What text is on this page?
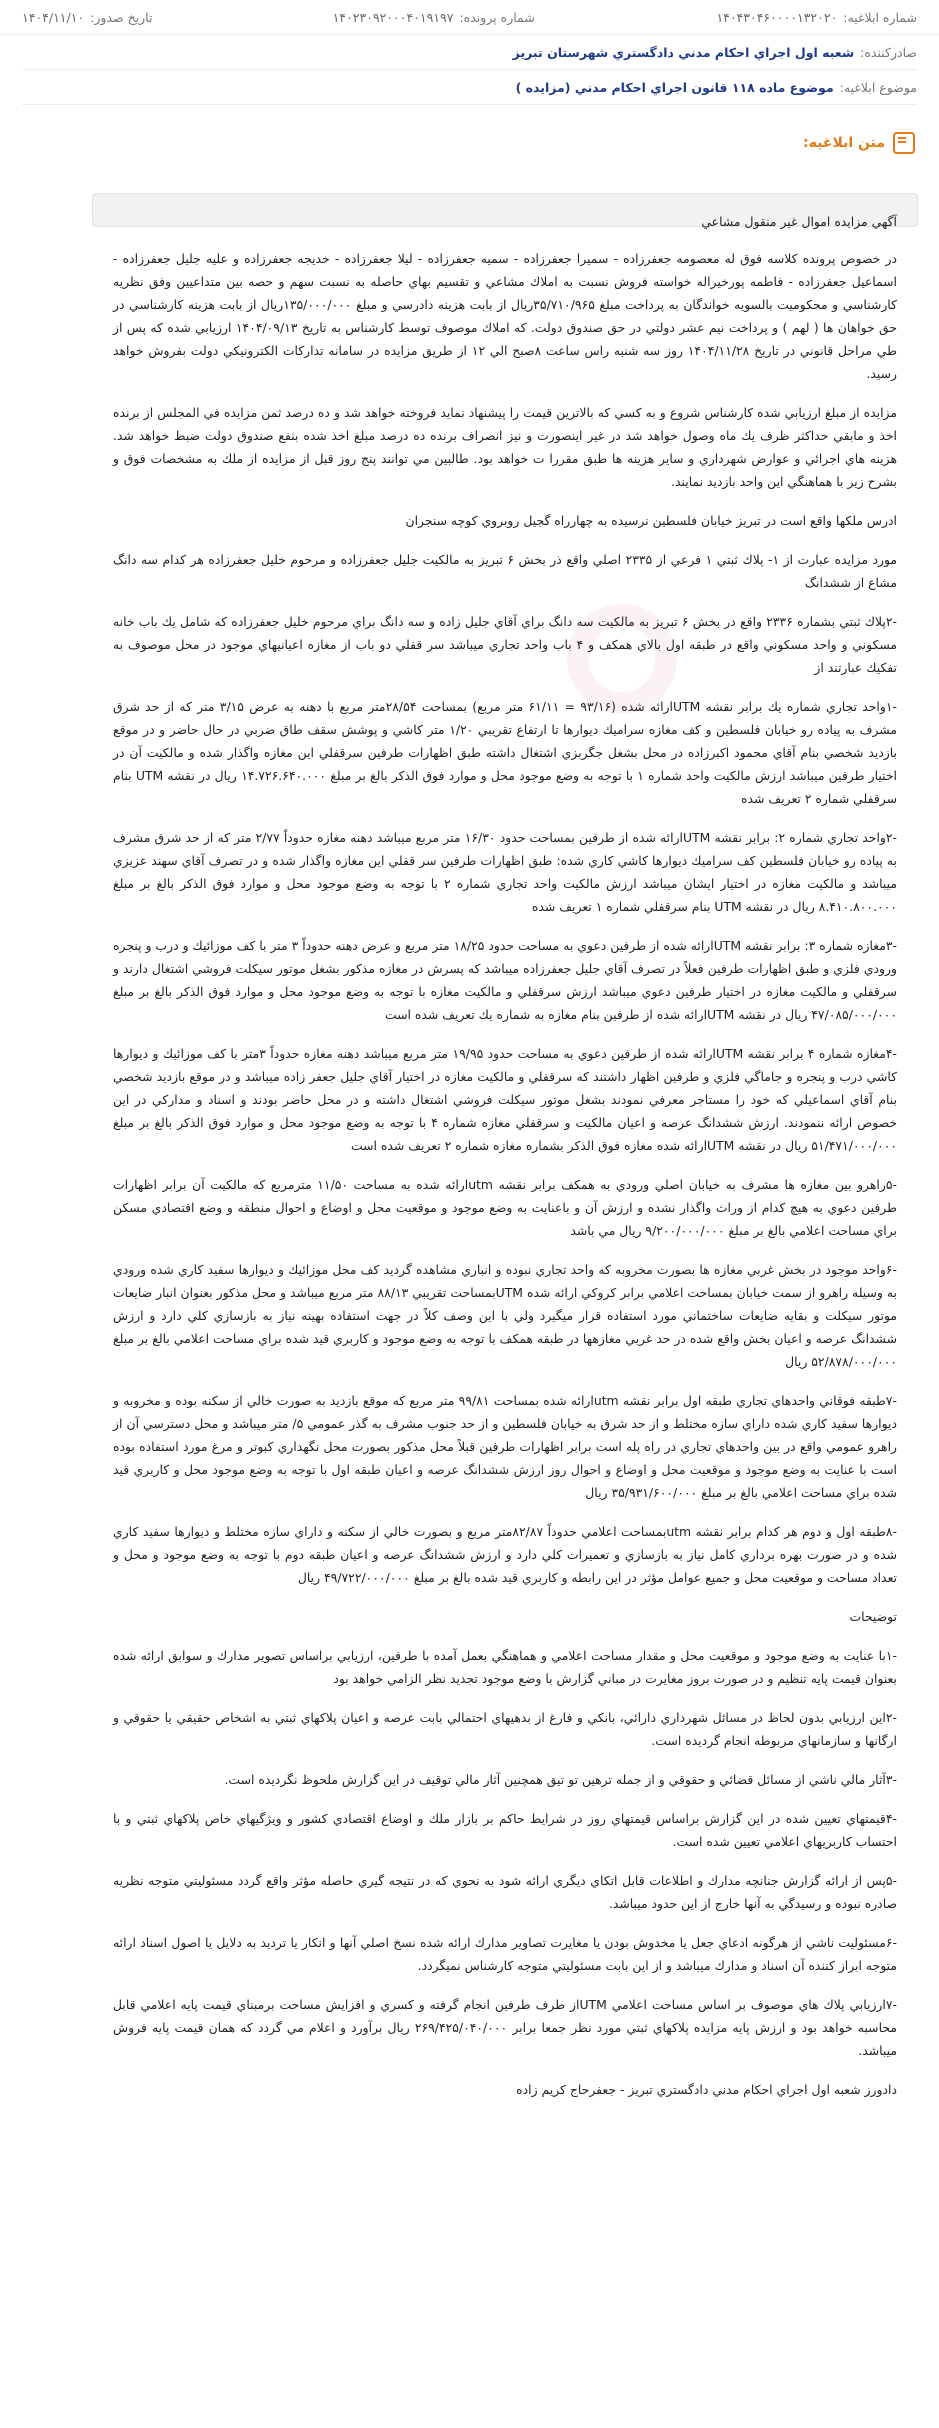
شماره ابلاغیه:
۱۴۰۴۳۰۴۶۰۰۰۰۱۳۲۰۲۰
شماره پرونده:
۱۴۰۲۳۰۹۲۰۰۰۴۰۱۹۱۹۷
تاریخ صدور:
۱۴۰۴/۱۱/۱۰
صادرکننده:
شعبه اول اجراي احكام مدني دادگستري شهرستان تبريز
موضوع ابلاغیه:
موضوع ماده ۱۱۸ قانون اجراي احكام مدني (مزايده )
متن ابلاغیه:

آگهي مزايده اموال غير منقول مشاعي

در خصوص پرونده كلاسه فوق له معصومه جعفرزاده - سميرا جعفرزاده - سميه جعفرزاده - ليلا جعفرزاده - خديجه جعفرزاده و عليه جليل جعفرزاده - اسماعيل جعفرزاده - فاطمه پورخيراله خواسته فروش نسبت به املاك مشاعي و تقسيم بهاي حاصله به نسبت سهم و حصه بين متداعيين وفق نظريه كارشناسي و محكوميت بالسويه خواندگان به پرداخت مبلغ ۳۵/۷۱۰/۹۶۵ريال از بابت هزينه دادرسي و مبلغ ۱۳۵/۰۰۰/۰۰۰ريال از بابت هزينه كارشناسي در حق خواهان ها ( لهم ) و پرداخت نيم عشر دولتي در حق صندوق دولت. كه املاك موصوف توسط كارشناس به تاريخ ۱۴۰۴/۰۹/۱۳ ارزيابي شده كه پس از طي مراحل قانوني در تاريخ ۱۴۰۴/۱۱/۲۸ روز سه شنبه راس ساعت ۸صبح الي ۱۲ از طريق مزايده در سامانه تداركات الكترونيكي دولت بفروش خواهد رسيد.

مزايده از مبلغ ارزيابي شده كارشناس شروع و به كسي كه بالاترين قيمت را پيشنهاد نمايد فروخته خواهد شد و ده درصد ثمن مزايده في المجلس از برنده اخذ و مابقي حداكثر ظرف يك ماه وصول خواهد شد در غير اينصورت و نيز انصراف برنده ده درصد مبلغ اخذ شده بنفع صندوق دولت ضبط خواهد شد. هزينه هاي اجرائي و عوارض شهرداري و ساير هزينه ها طبق مقررا ت خواهد بود. طالبين مي توانند پنج روز قبل از مزايده از ملك به مشخصات فوق و بشرح زير با هماهنگي اين واحد بازديد نمايند.

ادرس ملكها واقع است در تبريز خيابان فلسطين نرسيده به چهارراه گجيل روبروي كوچه سنجران

مورد مزايده عبارت از ۱- پلاك ثبتي ۱ فرعي از ۲۳۳۵ اصلي واقع ذر بخش ۶ تبريز به مالكيت جليل جعفرزاده و مرحوم خليل جعفرزاده هر كدام سه دانگ مشاع از ششدانگ

-۲پلاك ثبتي بشماره ۲۳۳۶ واقع در بخش ۶ تبريز به مالكيت سه دانگ براي آقاي جليل زاده و سه دانگ براي مرحوم خليل جعفرزاده كه شامل يك باب خانه مسكوني و واحد مسكوني واقع در طبقه اول بالاي همكف و ۴ باب واحد تجاري ميباشد سر قفلي دو باب از مغازه اعيانيهاي موجود در محل موصوف به تفكيك عبارتند از

-۱واحد تجاري شماره يك برابر نقشه UTMارائه شده (۹۳/۱۶ = ۶۱/۱۱ متر مربع) بمساحت ۲۸/۵۴متر مربع با دهنه به عرض ۳/۱۵ متر كه از حد شرق مشرف به پياده رو خيابان فلسطين و كف مغازه سراميك ديوارها تا ارتفاع تقريبي ۱/۲۰ متر كاشي و پوشش سقف طاق ضربي در حال حاضر و در موقع بازديد شخصي بنام آقاي محمود اكبرزاده در محل بشغل جگربزي اشتغال داشته طبق اظهارات طرفين سرقفلي اين مغازه واگذار شده و مالكيت آن در اختيار طرفين ميباشد ارزش مالكيت واحد شماره ۱ با توجه به وضع موجود محل و موارد فوق الذكر بالغ بر مبلغ ۱۴.۷۲۶.۶۴۰.۰۰۰ ريال در نقشه UTM بنام سرقفلي شماره ۲ تعريف شده

-۲واحد تجاري شماره ۲: برابر نقشه UTMارائه شده از طرفين بمساحت حدود ۱۶/۳۰ متر مربع ميباشد دهنه مغازه حدوداً ۲/۷۷ متر كه از حد شرق مشرف به پياده رو خيابان فلسطين كف سراميك ديوارها كاشي كاري شده: طبق اظهارات طرفين سر قفلي اين مغازه واگذار شده و در تصرف آقاي سهند عزيزي ميباشد و مالكيت مغازه در اختيار ايشان ميباشد ارزش مالكيت واحد تجاري شماره ۲ با توجه به وضع موجود محل و موارد فوق الذكر بالغ بر مبلغ ۸.۴۱۰.۸۰۰.۰۰۰ ريال در نقشه UTM بنام سرقفلي شماره ۱ تعريف شده

-۳مغازه شماره ۳: برابر نقشه UTMارائه شده از طرفين دعوي به مساحت حدود ۱۸/۲۵ متر مربع و عرض دهنه حدوداً ۳ متر با كف موزائيك و درب و پنجره ورودي فلزي و طبق اظهارات طرفين فعلاً در تصرف آقاي جليل جعفرزاده ميباشد كه پسرش در مغازه مذكور بشغل موتور سيكلت فروشي اشتغال دارند و سرقفلي و مالكيت مغازه در اختيار طرفين دعوي ميباشد ارزش سرقفلي و مالكيت مغازه با توجه به وضع موجود محل و موارد فوق الذكر بالغ بر مبلغ ۴۷/۰۸۵/۰۰۰/۰۰۰ ريال در نقشه UTMارائه شده از طرفين بنام مغازه به شماره يك تعريف شده است

-۴مغازه شماره ۴ برابر نقشه UTMارائه شده از طرفين دعوي به مساحت حدود ۱۹/۹۵ متر مربع ميباشد دهنه مغازه حدوداً ۳متر با كف موزائيك و ديوارها كاشي درب و پنجره و جاماگي فلزي و طرفين اظهار داشتند كه سرقفلي و مالكيت مغازه در اختيار آقاي جليل جعفر زاده ميباشد و در موقع بازديد شخصي بنام آقاي اسماعيلي كه خود را مستاجر معرفي نمودند بشغل موتور سيكلت فروشي اشتغال داشته و در محل حاضر بودند و اسناد و مداركي در اين خصوص ارائه ننمودند. ارزش ششدانگ عرصه و اعيان مالكيت و سرقفلي مغازه شماره ۴ با توجه به وضع موجود محل و موارد فوق الذكر بالغ بر مبلغ ۵۱/۴۷۱/۰۰۰/۰۰۰ ريال در نقشه UTMارائه شده مغازه فوق الذكر بشماره مغازه شماره ۲ تعريف شده است

-۵راهرو بين مغازه ها مشرف به خيابان اصلي ورودي به همكف برابر نقشه utmارائه شده به مساحت ۱۱/۵۰ مترمربع كه مالكيت آن برابر اظهارات طرفين دعوي به هيچ كدام از وراث واگذار نشده و ارزش آن و باعنايت به وضع موجود و موقعيت محل و اوضاع و احوال منطقه و وضع اقتصادي مسكن براي مساحت اعلامي بالغ بر مبلغ ۹/۲۰۰/۰۰۰/۰۰۰ ريال مي باشد

-۶واحد موجود در بخش غربي مغازه ها بصورت مخروبه كه واحد تجاري نبوده و انباري مشاهده گرديد كف محل موزائيك و ديوارها سفيد كاري شده ورودي به وسيله راهرو از سمت خيابان بمساحت اعلامي برابر كروكي ارائه شده UTMبمساحت تقريبي ۸۸/۱۳ متر مربع ميباشد و محل مذكور بعنوان انبار ضايعات موتور سيكلت و بقايه ضايعات ساختماني مورد استفاده قرار ميگيرد ولي با اين وصف كلاً در جهت استفاده بهينه نياز به بازسازي كلي دارد و ارزش ششدانگ عرصه و اعيان بخش واقع شده در حد غربي مغازهها در طبقه همكف با توجه به وضع موجود و كاربري قيد شده براي مساحت اعلامي بالغ بر مبلغ ۵۲/۸۷۸/۰۰۰/۰۰۰ ريال

-۷طبقه فوقاني واحدهاي تجاري طبقه اول برابر نقشه utmارائه شده بمساحت ۹۹/۸۱ متر مربع كه موقع بازديد به صورت خالي از سكنه بوده و مخروبه و ديوارها سفيد كاري شده داراي سازه مختلط و از حد شرق به خيابان فلسطين و از حد جنوب مشرف به گذر عمومي ۵/ متر ميباشد و محل دسترسي آن از راهرو عمومي واقع در بين واحدهاي تجاري در راه پله است برابر اظهارات طرفين قبلاً محل مذكور بصورت محل نگهداري كبوتر و مرغ مورد استفاده بوده است با عنايت به وضع موجود و موقعيت محل و اوضاع و احوال روز ارزش ششدانگ عرصه و اعيان طبقه اول با توجه به وضع موجود محل و كاربري قيد شده براي مساحت اعلامي بالغ بر مبلغ ۳۵/۹۳۱/۶۰۰/۰۰۰ ريال

-۸طبقه اول و دوم هر كدام برابر نقشه utmبمساحت اعلامي حدوداً ۸۲/۸۷متر مربع و بصورت خالي از سكنه و داراي سازه مختلط و ديوارها سفيد كاري شده و در صورت بهره برداري كامل نياز به بازسازي و تعميرات كلي دارد و ارزش ششدانگ عرصه و اعيان طبقه دوم با توجه به وضع موجود و محل و تعداد مساحت و موقعيت محل و جميع عوامل مؤثر در اين رابطه و كاربري قيد شده بالغ بر مبلغ ۴۹/۷۲۲/۰۰۰/۰۰۰ ريال

توضيحات

-۱با عنايت به وضع موجود و موقعيت محل و مقدار مساحت اعلامي و هماهنگي بعمل آمده با طرفين، ارزيابي براساس تصوير مدارك و سوابق ارائه شده بعنوان قيمت پايه تنظيم و در صورت بروز مغايرت در مباني گزارش با وضع موجود تجديد نظر الزامي خواهد بود

-۲اين ارزيابي بدون لحاظ در مسائل شهرداري دارائي، بانكي و فارغ از بدهيهاي احتمالي بابت عرصه و اعيان پلاكهاي ثبتي به اشخاص حقيقي يا حقوقي و ارگانها و سازمانهاي مربوطه انجام گرديده است.

-۳آثار مالي ناشي از مسائل قضائي و حقوقي و از جمله ترهين تو تيق همچنين آثار مالي توقيف در اين گزارش ملحوظ نگرديده است.

-۴قيمتهاي تعيين شده در اين گزارش براساس قيمتهاي روز در شرايط حاكم بر بازار ملك و اوضاع اقتصادي كشور و ويژگيهاي خاص پلاكهاي ثبتي و با احتساب كاربريهاي اعلامي تعيين شده است.

-۵پس از ارائه گزارش جنانچه مدارك و اطلاعات قابل اتكاي ديگري ارائه شود به نحوي كه در نتيجه گيري حاصله مؤثر واقع گردد مسئوليتي متوجه نظريه صادره نبوده و رسيدگي به آنها خارج از اين حدود ميباشد.

-۶مسئوليت ناشي از هرگونه ادعاي جعل يا مخدوش بودن يا مغايرت تصاوير مدارك ارائه شده نسخ اصلي آنها و انكار يا ترديد به دلايل يا اصول اسناد ارائه متوجه ابراز كننده آن اسناد و مدارك ميباشد و از اين بابت مسئوليتي متوجه كارشناس نميگردد.

-۷ارزيابي پلاك هاي موصوف بر اساس مساحت اعلامي UTMاز طرف طرفين انجام گرفته و كسري و افزايش مساحت برمبناي قيمت پايه اعلامي قابل محاسبه خواهد بود و ارزش پايه مزايده پلاكهاي ثبتي مورد نظر جمعا برابر ۲۶۹/۴۲۵/۰۴۰/۰۰۰ ريال برآورد و اعلام مي گردد كه همان قيمت پايه فروش ميباشد.

دادورز شعبه اول اجراي احكام مدني دادگستري تبريز - جعفرحاج كريم زاده
